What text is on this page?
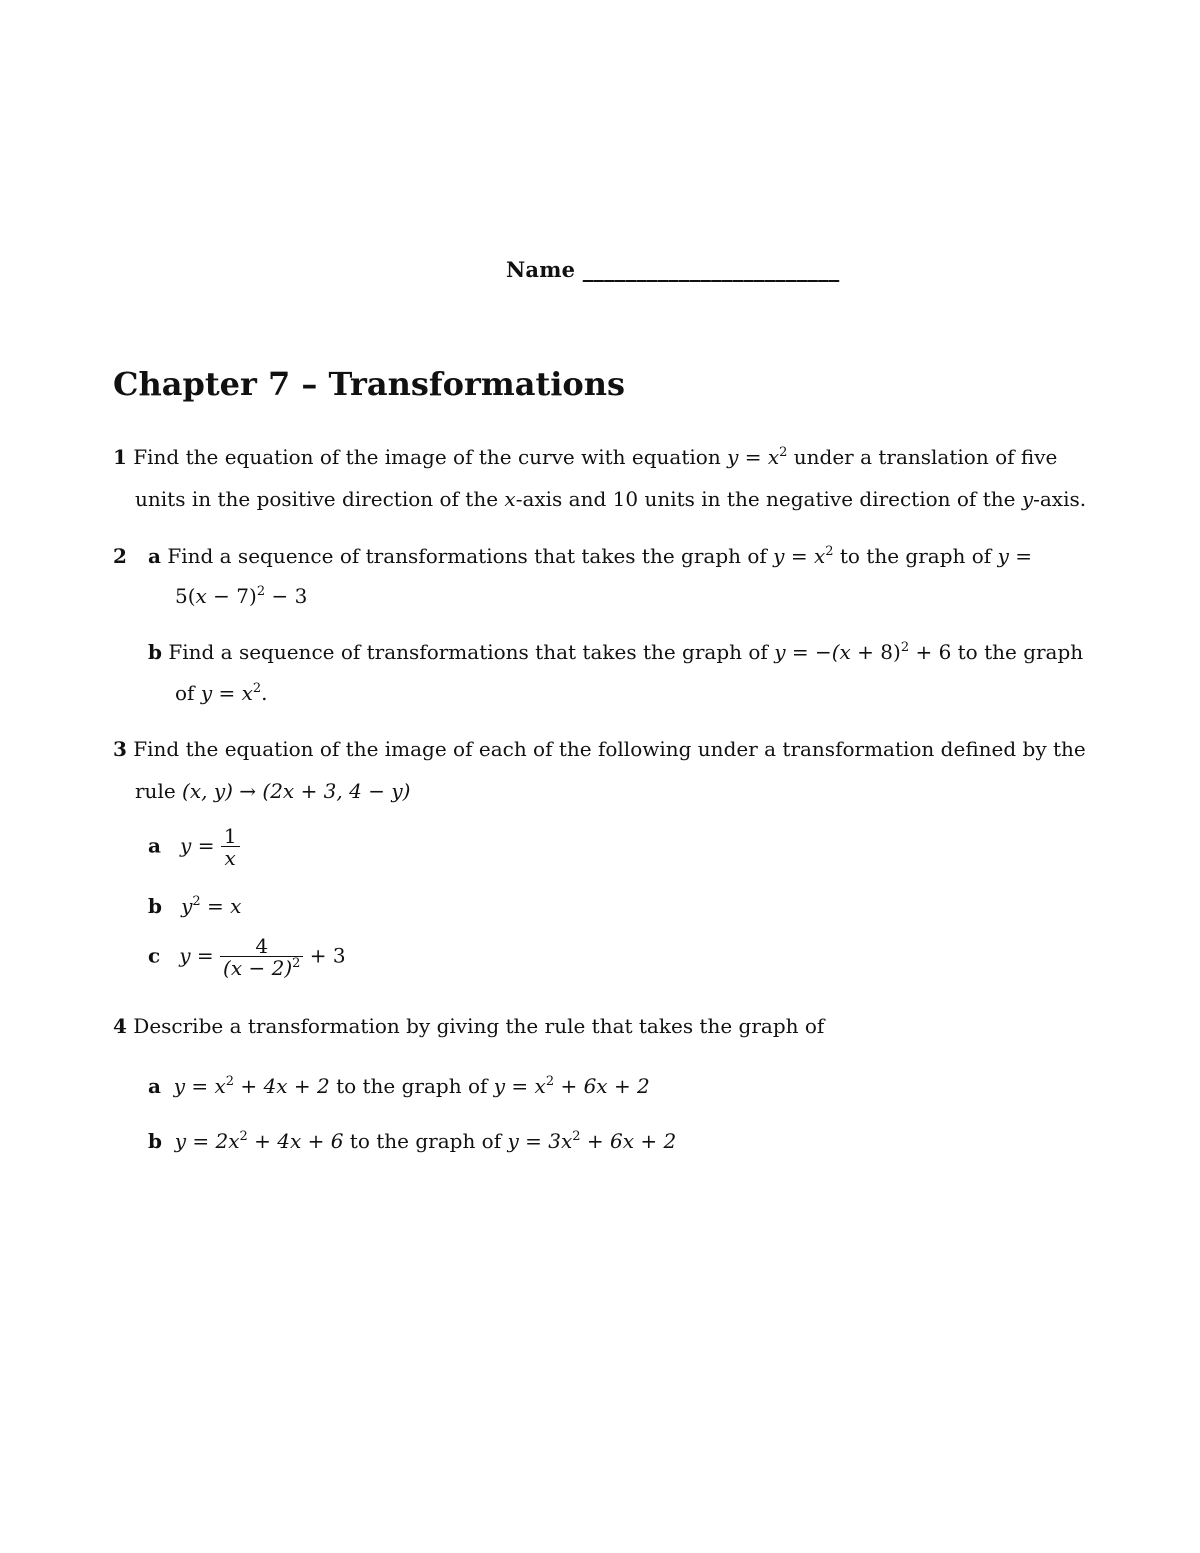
Name ________________________
Chapter 7 – Transformations
1 Find the equation of the image of the curve with equation $y = x^2$ under a translation of five
units in the positive direction of the x-axis and 10 units in the negative direction of the y-axis.
2 a Find a sequence of transformations that takes the graph of $y = x^2$ to the graph of y =
$5(x - 7)^2 - 3$
b Find a sequence of transformations that takes the graph of $y = -(x + 8)^2 + 6$ to the graph
of $y = x^2$.
3 Find the equation of the image of each of the following under a transformation defined by the
rule (x, y) → (2x + 3, 4 − y)
a $y = \frac{1}{x}$
b $y^2 = x$
c $y = \frac{4}{(x - 2)^2} + 3$
4 Describe a transformation by giving the rule that takes the graph of
a $y = x^2 + 4x + 2$ to the graph of $y = x^2 + 6x + 2$
b $y = 2x^2 + 4x + 6$ to the graph of $y = 3x^2 + 6x + 2$
